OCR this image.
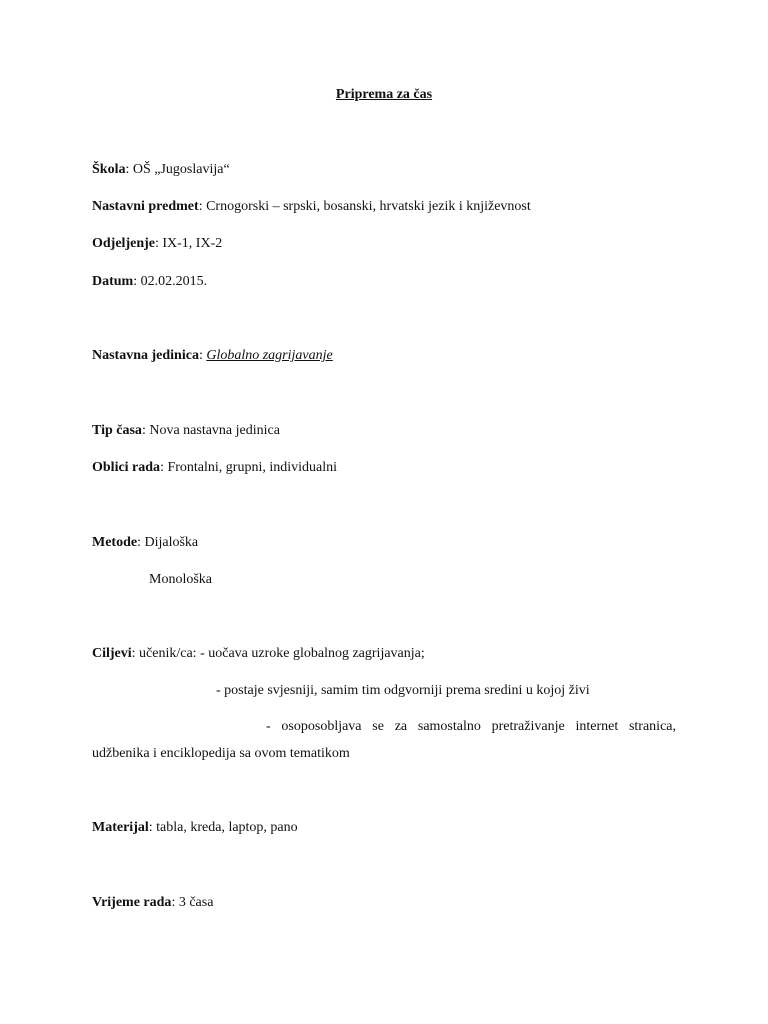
Priprema za čas
Škola: OŠ „Jugoslavija“
Nastavni predmet: Crnogorski – srpski, bosanski, hrvatski jezik i književnost
Odjeljenje: IX-1, IX-2
Datum: 02.02.2015.
Nastavna jedinica: Globalno zagrijavanje
Tip časa: Nova nastavna jedinica
Oblici rada: Frontalni, grupni, individualni
Metode: Dijaloška
Monološka
Ciljevi: učenik/ca: - uočava uzroke globalnog zagrijavanja;
- postaje svjesniji, samim tim odgvorniji prema sredini u kojoj živi
- osoposobljava se za samostalno pretraživanje internet stranica,
udžbenika i enciklopedija sa ovom tematikom
Materijal: tabla, kreda, laptop, pano
Vrijeme rada: 3 časa
